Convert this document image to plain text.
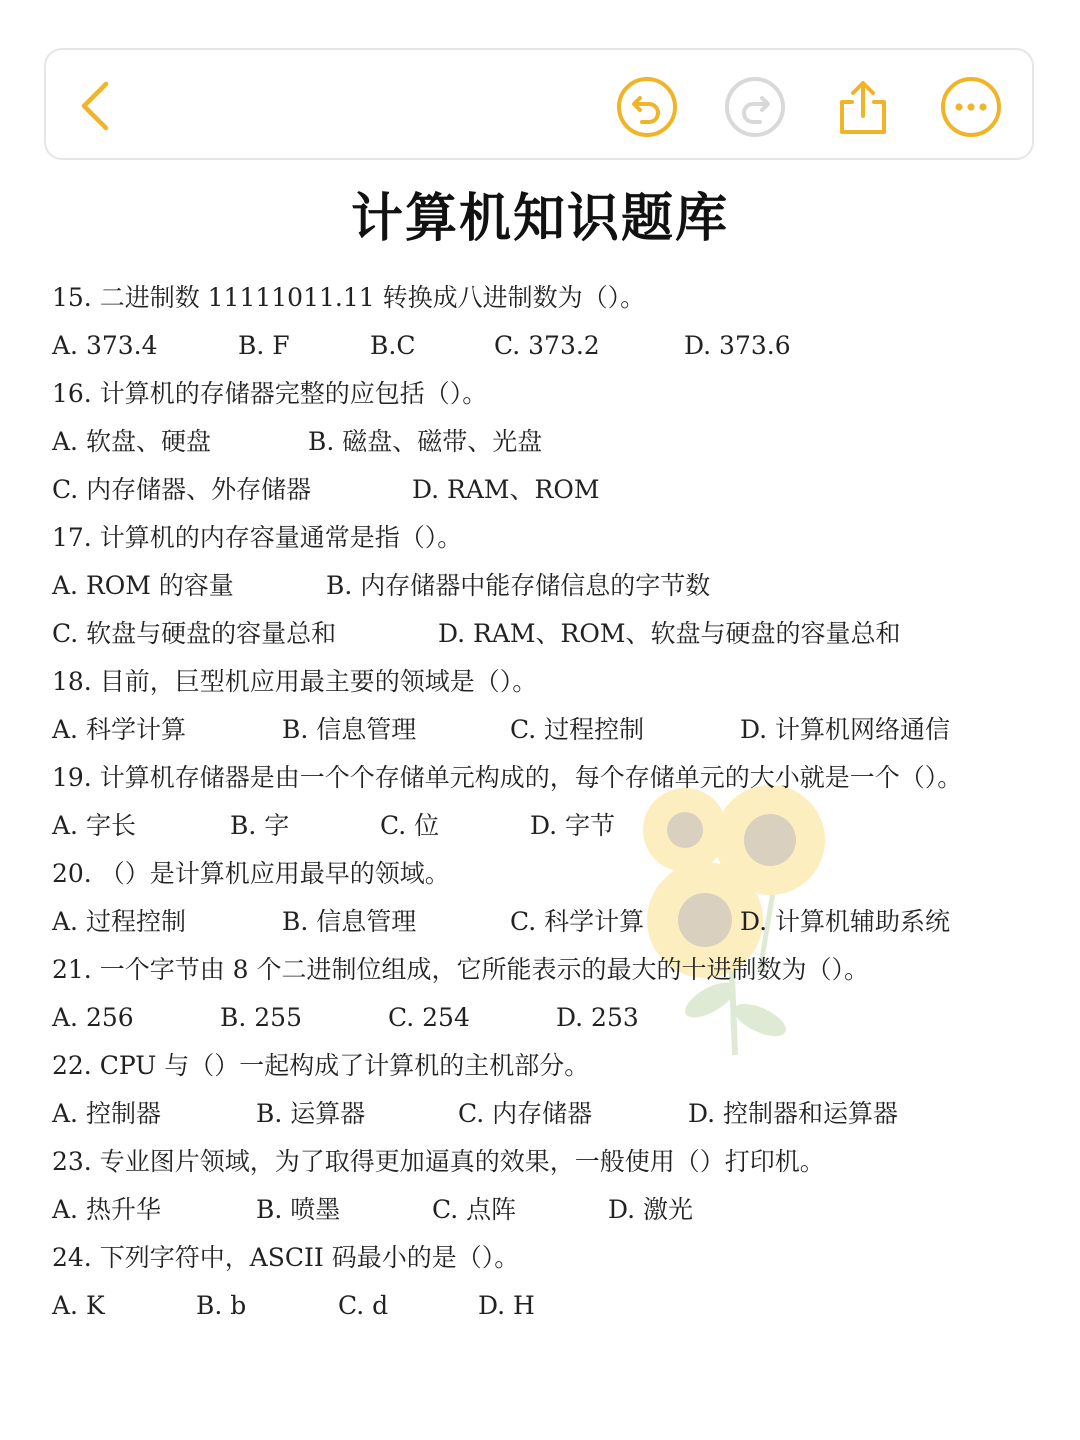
计算机知识题库
15. 二进制数 11111011.11 转换成八进制数为（）。
A. 373.4	B. F	B.C	C. 373.2	D. 373.6
16. 计算机的存储器完整的应包括（）。
A. 软盘、硬盘	B. 磁盘、磁带、光盘
C. 内存储器、外存储器	D. RAM、ROM
17. 计算机的内存容量通常是指（）。
A. ROM 的容量	B. 内存储器中能存储信息的字节数
C. 软盘与硬盘的容量总和	D. RAM、ROM、软盘与硬盘的容量总和
18. 目前，巨型机应用最主要的领域是（）。
A. 科学计算	B. 信息管理	C. 过程控制	D. 计算机网络通信
19. 计算机存储器是由一个个存储单元构成的，每个存储单元的大小就是一个（）。
A. 字长	B. 字	C. 位	D. 字节
20. （）是计算机应用最早的领域。
A. 过程控制	B. 信息管理	C. 科学计算	D. 计算机辅助系统
21. 一个字节由 8 个二进制位组成，它所能表示的最大的十进制数为（）。
A. 256	B. 255	C. 254	D. 253
22. CPU 与（）一起构成了计算机的主机部分。
A. 控制器	B. 运算器	C. 内存储器	D. 控制器和运算器
23. 专业图片领域，为了取得更加逼真的效果，一般使用（）打印机。
A. 热升华	B. 喷墨	C. 点阵	D. 激光
24. 下列字符中，ASCII 码最小的是（）。
A. K	B. b	C. d	D. H
